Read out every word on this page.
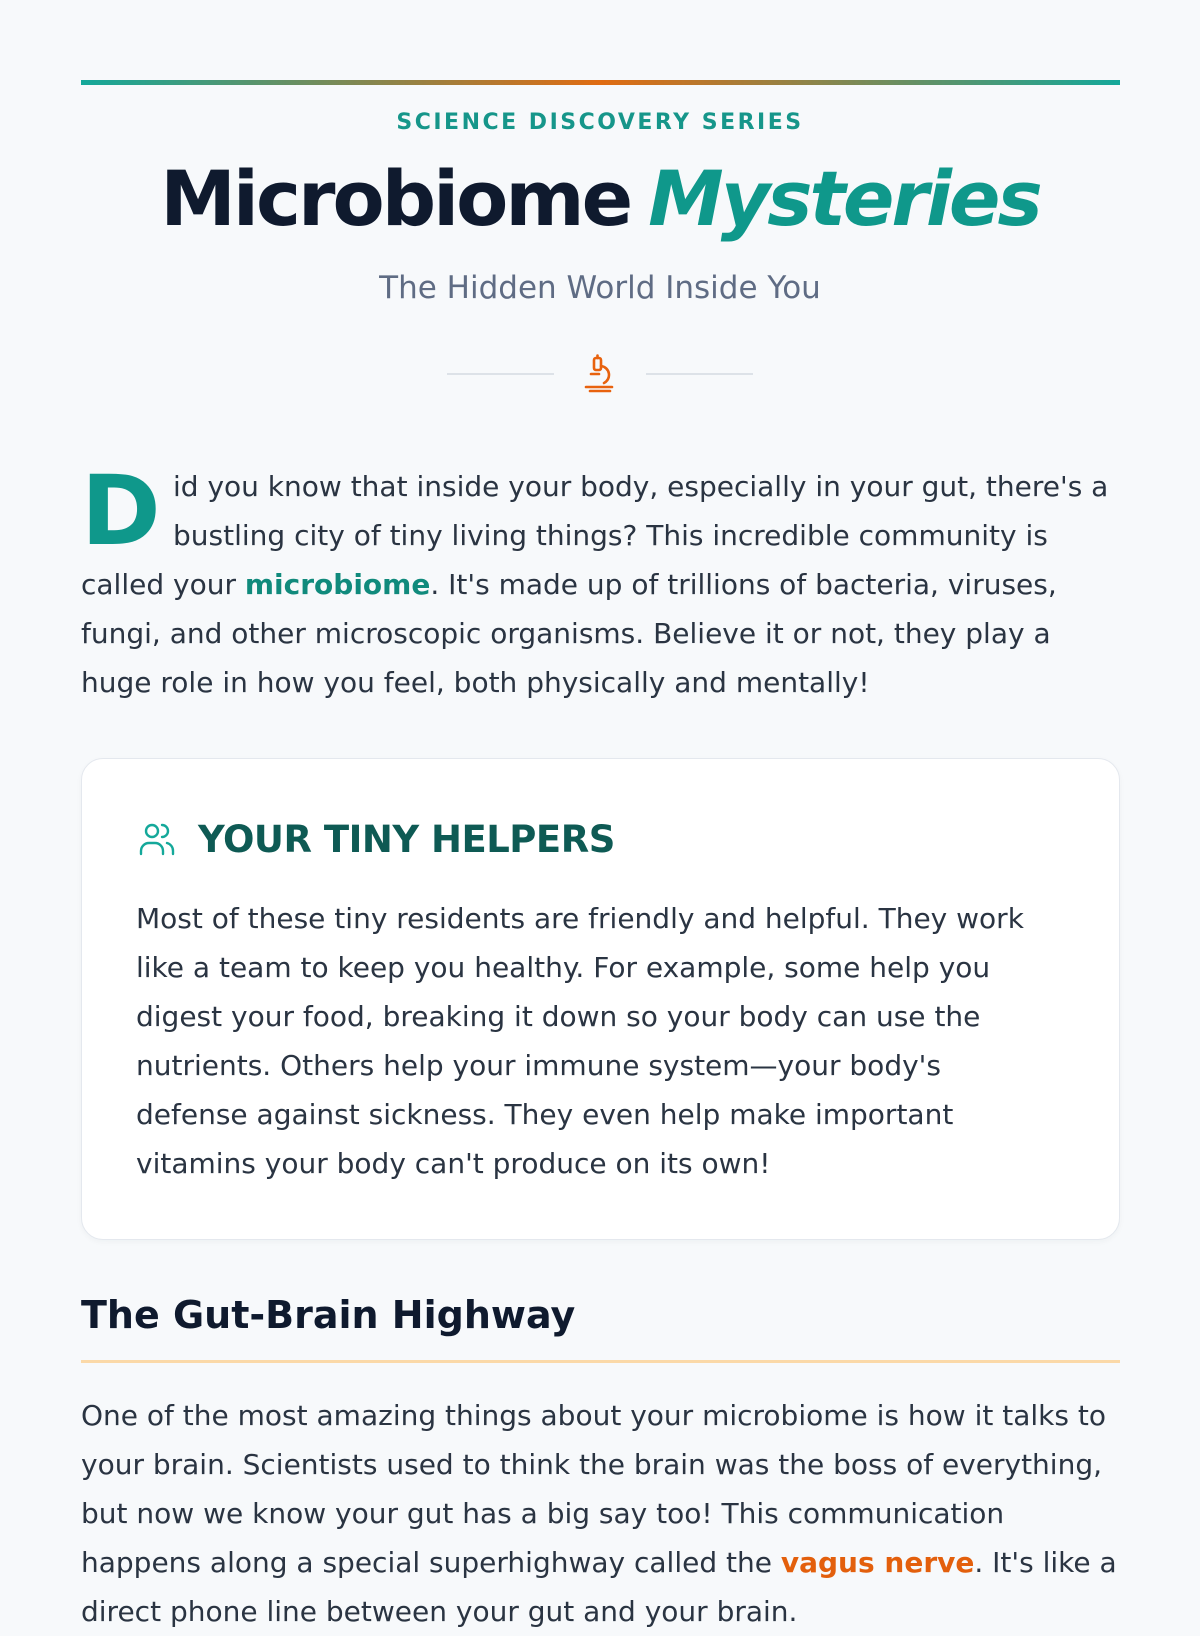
SCIENCE DISCOVERY SERIES
Microbiome Mysteries
The Hidden World Inside You
Did you know that inside your body, especially in your gut, there's a bustling city of tiny living things? This incredible community is called your microbiome. It's made up of trillions of bacteria, viruses, fungi, and other microscopic organisms. Believe it or not, they play a huge role in how you feel, both physically and mentally!
YOUR TINY HELPERS
Most of these tiny residents are friendly and helpful. They work like a team to keep you healthy. For example, some help you digest your food, breaking it down so your body can use the nutrients. Others help your immune system—your body's defense against sickness. They even help make important vitamins your body can't produce on its own!
The Gut-Brain Highway
One of the most amazing things about your microbiome is how it talks to your brain. Scientists used to think the brain was the boss of everything, but now we know your gut has a big say too! This communication happens along a special superhighway called the vagus nerve. It's like a direct phone line between your gut and your brain.
